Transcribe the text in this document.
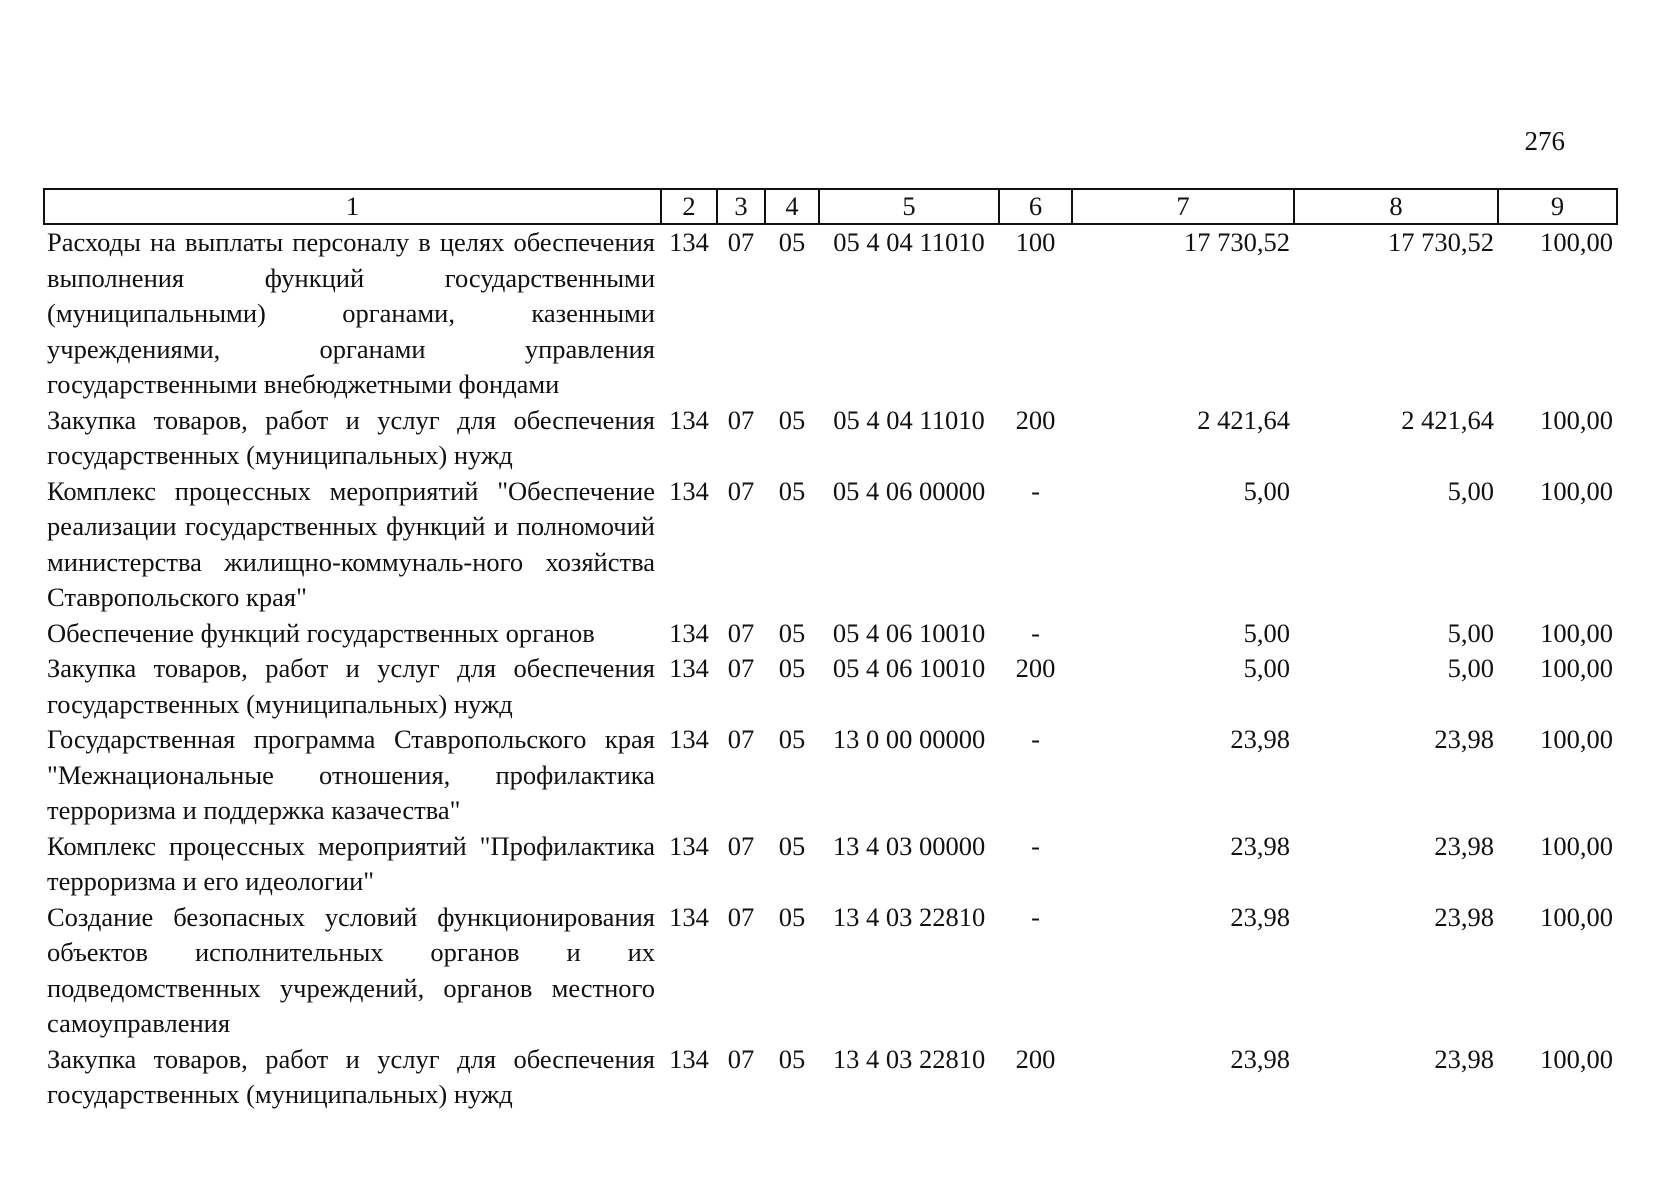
276
1	2	3	4	5	6	7	8	9
Расходы на выплаты персоналу в целях обеспечения выполнения функций государственными (муниципальными) органами, казенными учреждениями, органами управления государственными внебюджетными фондами	134	07	05	05 4 04 11010	100	17 730,52	17 730,52	100,00
Закупка товаров, работ и услуг для обеспечения государственных (муниципальных) нужд	134	07	05	05 4 04 11010	200	2 421,64	2 421,64	100,00
Комплекс процессных мероприятий "Обеспечение реализации государственных функций и полномочий министерства жилищно-коммуналь-ного хозяйства Ставропольского края"	134	07	05	05 4 06 00000	-	5,00	5,00	100,00
Обеспечение функций государственных органов	134	07	05	05 4 06 10010	-	5,00	5,00	100,00
Закупка товаров, работ и услуг для обеспечения государственных (муниципальных) нужд	134	07	05	05 4 06 10010	200	5,00	5,00	100,00
Государственная программа Ставропольского края "Межнациональные отношения, профилактика терроризма и поддержка казачества"	134	07	05	13 0 00 00000	-	23,98	23,98	100,00
Комплекс процессных мероприятий "Профилактика терроризма и его идеологии"	134	07	05	13 4 03 00000	-	23,98	23,98	100,00
Создание безопасных условий функционирования объектов исполнительных органов и их подведомственных учреждений, органов местного самоуправления	134	07	05	13 4 03 22810	-	23,98	23,98	100,00
Закупка товаров, работ и услуг для обеспечения государственных (муниципальных) нужд	134	07	05	13 4 03 22810	200	23,98	23,98	100,00
